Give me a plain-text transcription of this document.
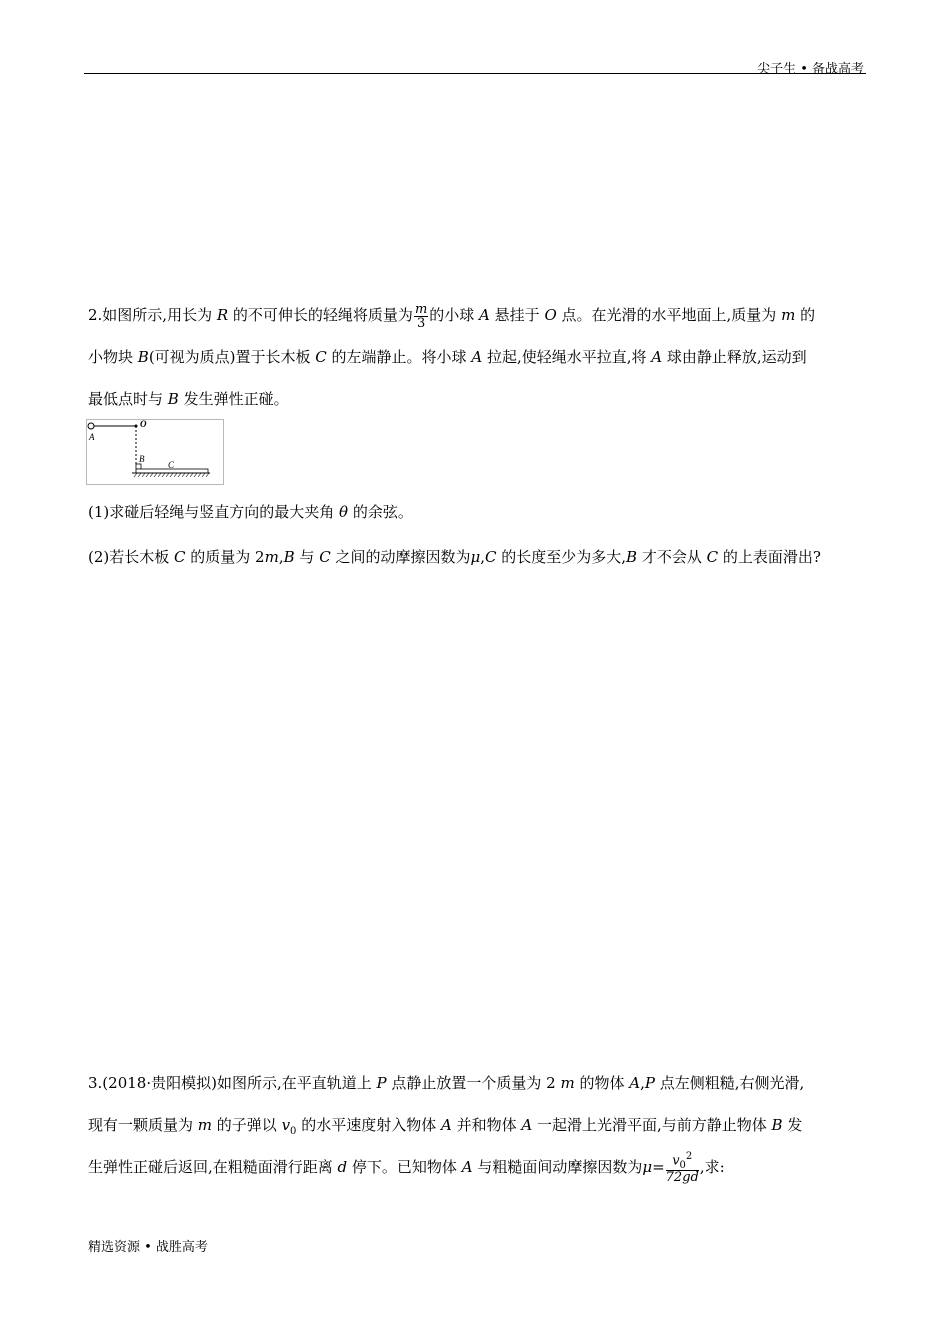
尖子生 • 备战高考
2.如图所示,用长为 R 的不可伸长的轻绳将质量为 $\frac{m}{3}$ 的小球 A 悬挂于 O 点。在光滑的水平地面上,质量为 m 的
小物块 B(可视为质点)置于长木板 C 的左端静止。将小球 A 拉起,使轻绳水平拉直,将 A 球由静止释放,运动到
最低点时与 B 发生弹性正碰。
A
O
B
C
(1)求碰后轻绳与竖直方向的最大夹角 θ 的余弦。
(2)若长木板 C 的质量为 2m,B 与 C 之间的动摩擦因数为μ,C 的长度至少为多大,B 才不会从 C 的上表面滑出?
3.(2018·贵阳模拟)如图所示,在平直轨道上 P 点静止放置一个质量为 2 m 的物体 A,P 点左侧粗糙,右侧光滑,
现有一颗质量为 m 的子弹以 $v_0$ 的水平速度射入物体 A 并和物体 A 一起滑上光滑平面,与前方静止物体 B 发
生弹性正碰后返回,在粗糙面滑行距离 d 停下。已知物体 A 与粗糙面间动摩擦因数为$\mu= \frac{v_0^2}{72gd}$ ,求:
精选资源 • 战胜高考
